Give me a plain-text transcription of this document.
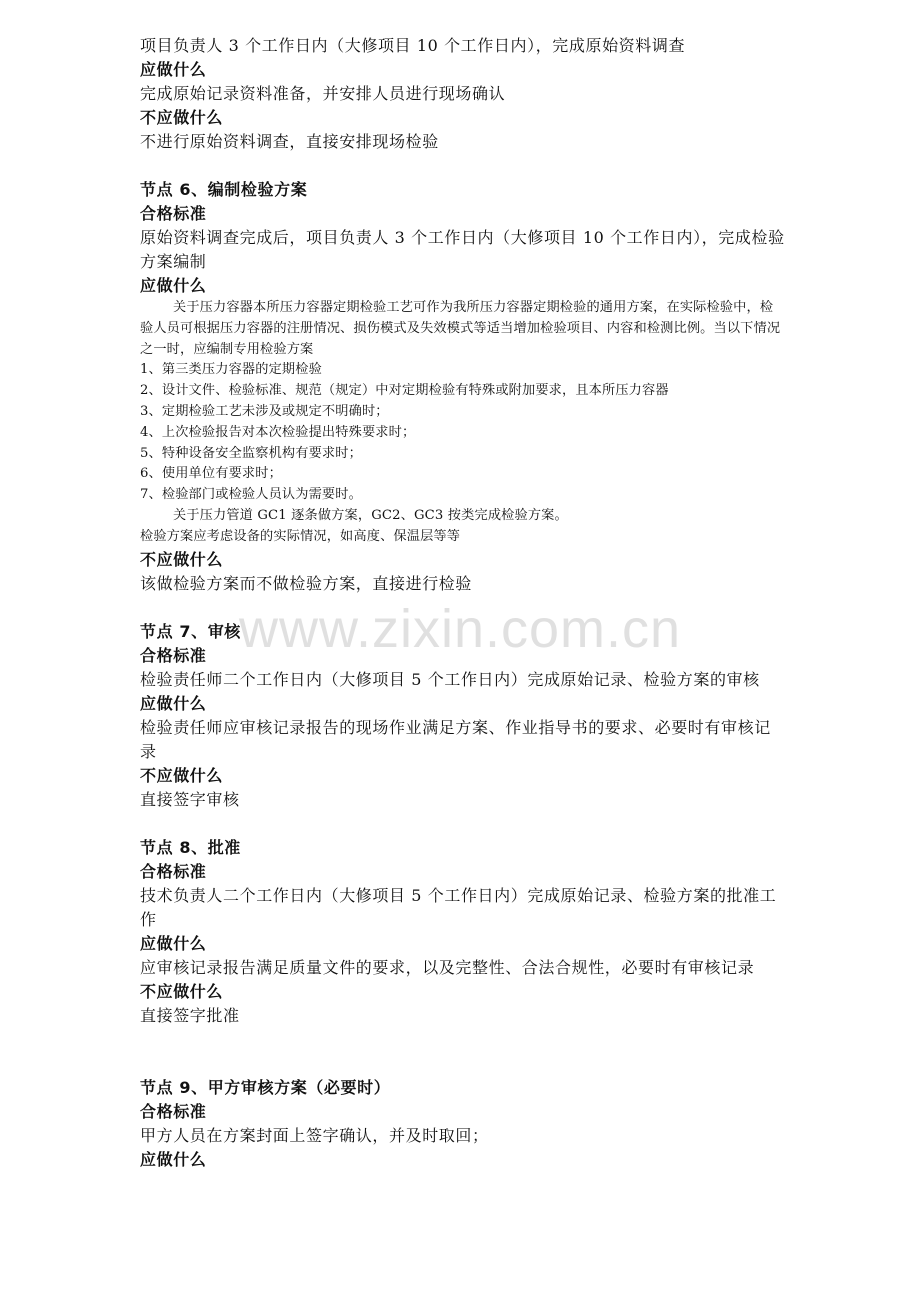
www.zixin.com.cn
项目负责人 3 个工作日内（大修项目 10 个工作日内），完成原始资料调查
应做什么
完成原始记录资料准备，并安排人员进行现场确认
不应做什么
不进行原始资料调查，直接安排现场检验
节点 6、编制检验方案
合格标准
原始资料调查完成后，项目负责人 3 个工作日内（大修项目 10 个工作日内），完成检验方案编制
应做什么
关于压力容器本所压力容器定期检验工艺可作为我所压力容器定期检验的通用方案，在实际检验中，检验人员可根据压力容器的注册情况、损伤模式及失效模式等适当增加检验项目、内容和检测比例。当以下情况之一时，应编制专用检验方案
1、第三类压力容器的定期检验
2、设计文件、检验标准、规范（规定）中对定期检验有特殊或附加要求，且本所压力容器
3、定期检验工艺未涉及或规定不明确时；
4、上次检验报告对本次检验提出特殊要求时；
5、特种设备安全监察机构有要求时；
6、使用单位有要求时；
7、检验部门或检验人员认为需要时。
关于压力管道 GC1 逐条做方案，GC2、GC3 按类完成检验方案。
检验方案应考虑设备的实际情况，如高度、保温层等等
不应做什么
该做检验方案而不做检验方案，直接进行检验
节点 7、审核
合格标准
检验责任师二个工作日内（大修项目 5 个工作日内）完成原始记录、检验方案的审核
应做什么
检验责任师应审核记录报告的现场作业满足方案、作业指导书的要求、必要时有审核记录
不应做什么
直接签字审核
节点 8、批准
合格标准
技术负责人二个工作日内（大修项目 5 个工作日内）完成原始记录、检验方案的批准工作
应做什么
应审核记录报告满足质量文件的要求，以及完整性、合法合规性，必要时有审核记录
不应做什么
直接签字批准
节点 9、甲方审核方案（必要时）
合格标准
甲方人员在方案封面上签字确认，并及时取回；
应做什么
